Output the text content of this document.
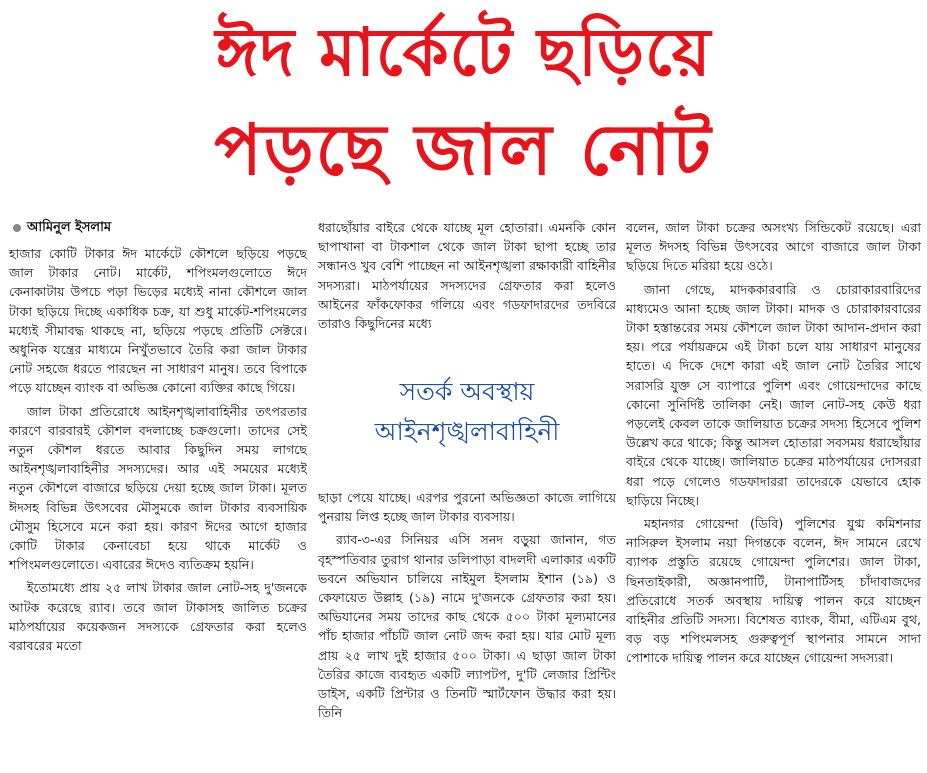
ঈদ মার্কেটে ছড়িয়ে
পড়ছে জাল নোট
আমিনুল ইসলাম

হাজার কোটি টাকার ঈদ মার্কেটে কৌশলে ছড়িয়ে পড়ছে জাল টাকার নোট। মার্কেট, শপিংমলগুলোতে ঈদে কেনাকাটায় উপচে পড়া ভিড়ের মধ্যেই নানা কৌশলে জাল টাকা ছড়িয়ে দিচ্ছে একাধিক চক্র, যা শুধু মার্কেট-শপিংমলের মধ্যেই সীমাবদ্ধ থাকছে না, ছড়িয়ে পড়ছে প্রতিটি সেক্টরে। অধুনিক যন্ত্রের মাধ্যমে নিখুঁতভাবে তৈরি করা জাল টাকার নোট সহজে ধরতে পারছেন না সাধারণ মানুষ। তবে বিপাকে পড়ে যাচ্ছেন ব্যাংক বা অভিজ্ঞ কোনো ব্যক্তির কাছে গিয়ে।

জাল টাকা প্রতিরোধে আইনশৃঙ্খলাবাহিনীর তৎপরতার কারণে বারবারই কৌশল বদলাচ্ছে চক্রগুলো। তাদের সেই নতুন কৌশল ধরতে আবার কিছুদিন সময় লাগছে আইনশৃঙ্খলাবাহিনীর সদস্যদের। আর এই সময়ের মধ্যেই নতুন কৌশলে বাজারে ছড়িয়ে দেয়া হচ্ছে জাল টাকা। মূলত ঈদসহ বিভিন্ন উৎসবের মৌসুমকে জাল টাকার ব্যবসায়িক মৌসুম হিসেবে মনে করা হয়। কারণ ঈদের আগে হাজার কোটি টাকার কেনাবেচা হয়ে থাকে মার্কেট ও শপিংমলগুলোতে। এবারের ঈদেও ব্যতিক্রম হয়নি।

ইতোমধ্যে প্রায় ২৫ লাখ টাকার জাল নোট-সহ দু'জনকে আটক করেছে র‌্যাব। তবে জাল টাকাসহ জালিত চক্রের মাঠপর্যায়ের কয়েকজন সদস্যকে গ্রেফতার করা হলেও বরাবরের মতো

ধরাছোঁয়ার বাইরে থেকে যাচ্ছে মূল হোতারা। এমনকি কোন ছাপাখানা বা টাকশাল থেকে জাল টাকা ছাপা হচ্ছে তার সন্ধানও খুব বেশি পাচ্ছেন না আইনশৃঙ্খলা রক্ষাকারী বাহিনীর সদস্যরা। মাঠপর্যায়ের সদস্যদের গ্রেফতার করা হলেও আইনের ফাঁকফোকর গলিয়ে এবং গডফাদারদের তদবিরে তারাও কিছুদিনের মধ্যে

সতর্ক অবস্থায়
আইনশৃঙ্খলাবাহিনী

ছাড়া পেয়ে যাচ্ছে। এরপর পুরনো অভিজ্ঞতা কাজে লাগিয়ে পুনরায় লিপ্ত হচ্ছে জাল টাকার ব্যবসায়।

র‌্যাব-৩-এর সিনিয়র এসি সনদ বড়ুয়া জানান, গত বৃহস্পতিবার তুরাগ থানার ডলিপাড়া বাদলদী এলাকার একটি ভবনে অভিযান চালিয়ে নাইমুল ইসলাম ইশান (১৯) ও কেফায়েত উল্লাহ (১৯) নামে দু'জনকে গ্রেফতার করা হয়। অভিযানের সময় তাদের কাছ থেকে ৫০০ টাকা মূল্যমানের পাঁচ হাজার পাঁচটি জাল নোট জব্দ করা হয়। যার মোট মূল্য প্রায় ২৫ লাখ দুই হাজার ৫০০ টাকা। এ ছাড়া জাল টাকা তৈরির কাজে ব্যবহৃত একটি ল্যাপটপ, দু'টি লেজার প্রিন্টিং ডাইস, একটি প্রিন্টার ও তিনটি স্মার্টফোন উদ্ধার করা হয়। তিনি

বলেন, জাল টাকা চক্রের অসংখ্য সিন্ডিকেট রয়েছে। এরা মূলত ঈদসহ বিভিন্ন উৎসবের আগে বাজারে জাল টাকা ছড়িয়ে দিতে মরিয়া হয়ে ওঠে।

জানা গেছে, মাদককারবারি ও চোরাকারবারিদের মাধ্যমেও আনা হচ্ছে জাল টাকা। মাদক ও চোরাকারবারের টাকা হস্তান্তরের সময় কৌশলে জাল টাকা আদান-প্রদান করা হয়। পরে পর্যায়ক্রমে এই টাকা চলে যায় সাধারণ মানুষের হাতে। এ দিকে দেশে কারা এই জাল নোট তৈরির সাথে সরাসরি যুক্ত সে ব্যাপারে পুলিশ এবং গোয়েন্দাদের কাছে কোনো সুনির্দিষ্ট তালিকা নেই। জাল নোট-সহ কেউ ধরা পড়লেই কেবল তাকে জালিয়াত চক্রের সদস্য হিসেবে পুলিশ উল্লেখ করে থাকে; কিন্তু আসল হোতারা সবসময় ধরাছোঁয়ার বাইরে থেকে যাচ্ছে। জালিয়াত চক্রের মাঠপর্যায়ের দোসররা ধরা পড়ে গেলেও গডফাদাররা তাদেরকে যেভাবে হোক ছাড়িয়ে নিচ্ছে।

মহানগর গোয়েন্দা (ডিবি) পুলিশের যুগ্ম কমিশনার নাসিরুল ইসলাম নয়া দিগন্তকে বলেন, ঈদ সামনে রেখে ব্যাপক প্রস্তুতি রয়েছে গোয়েন্দা পুলিশের। জাল টাকা, ছিনতাইকারী, অজ্ঞানপার্টি, টানাপার্টিসহ চাঁদাবাজদের প্রতিরোধে সতর্ক অবস্থায় দায়িত্ব পালন করে যাচ্ছেন বাহিনীর প্রতিটি সদস্য। বিশেষত ব্যাংক, বীমা, এটিএম বুথ, বড় বড় শপিংমলসহ গুরুত্বপূর্ণ স্থাপনার সামনে সাদা পোশাকে দায়িত্ব পালন করে যাচ্ছেন গোয়েন্দা সদস্যরা।
